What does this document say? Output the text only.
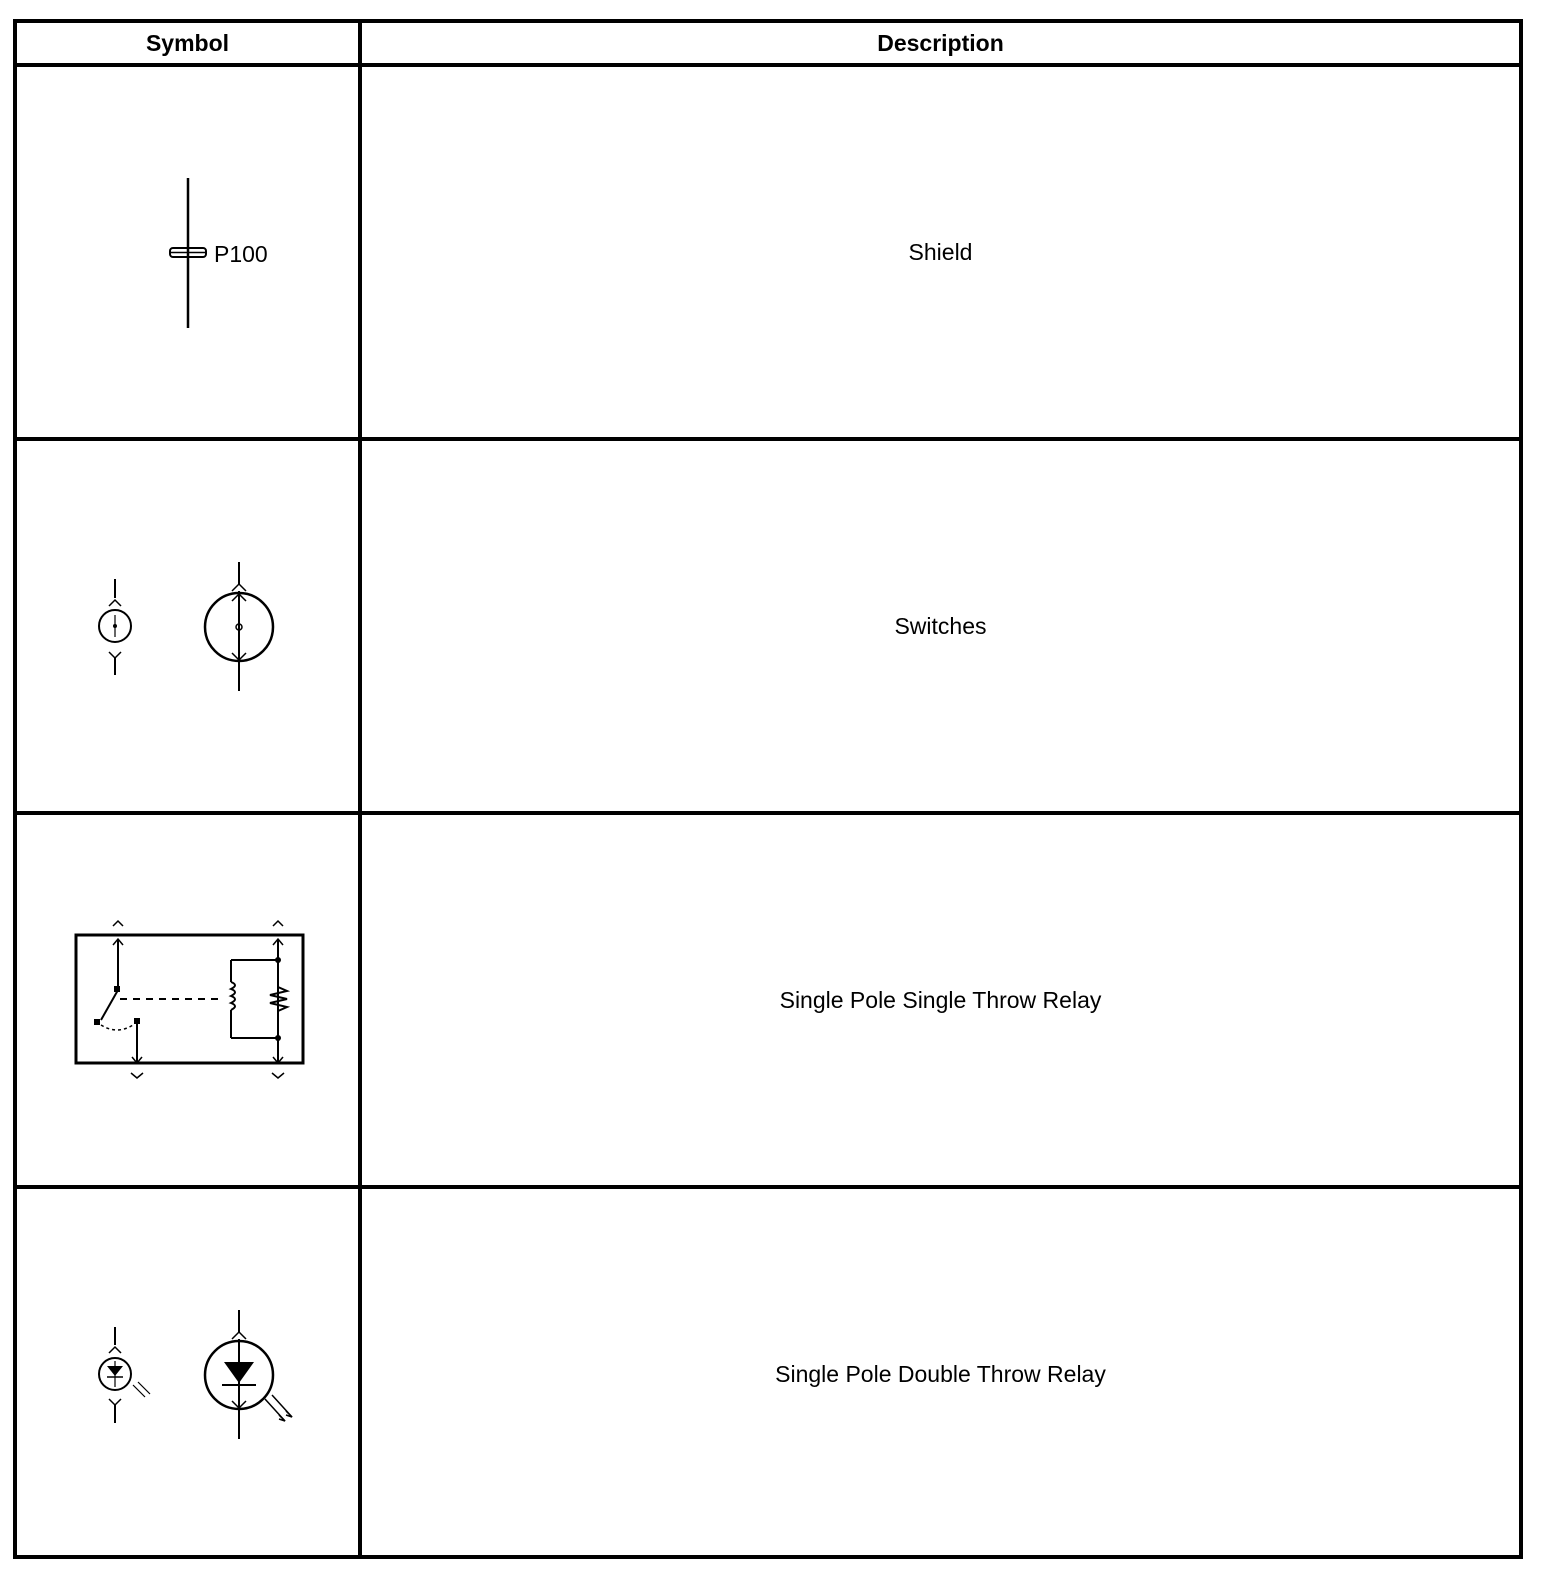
Symbol	Description
P100	Shield
Switches
Single Pole Single Throw Relay
Single Pole Double Throw Relay
